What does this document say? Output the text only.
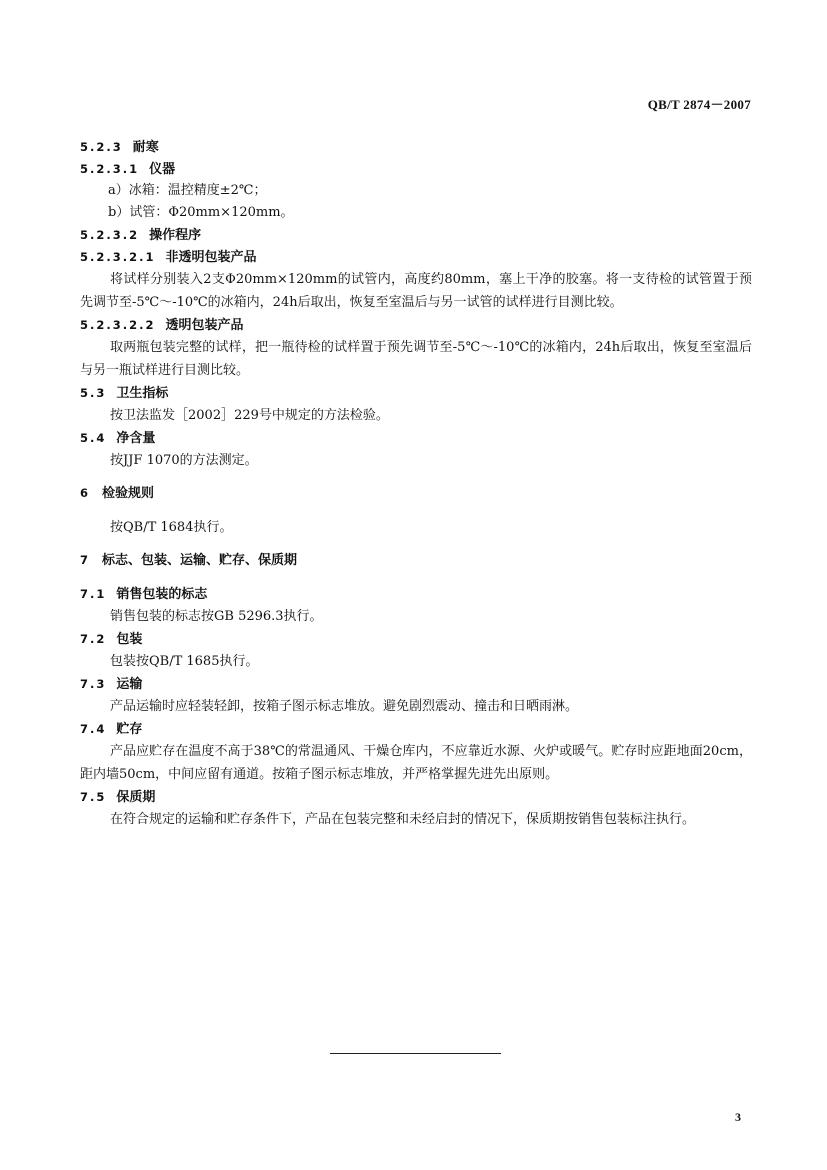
QB/T 2874－2007
5.2.3 耐寒
5.2.3.1 仪器
a）冰箱：温控精度±2℃；
b）试管：Φ20mm×120mm。
5.2.3.2 操作程序
5.2.3.2.1 非透明包装产品

将试样分别装入2支Φ20mm×120mm的试管内，高度约80mm，塞上干净的胶塞。将一支待检的试管置于预先调节至-5℃～-10℃的冰箱内，24h后取出，恢复至室温后与另一试管的试样进行目测比较。

5.2.3.2.2 透明包装产品

取两瓶包装完整的试样，把一瓶待检的试样置于预先调节至-5℃～-10℃的冰箱内，24h后取出，恢复至室温后与另一瓶试样进行目测比较。

5.3 卫生指标

按卫法监发［2002］229号中规定的方法检验。

5.4 净含量

按JJF 1070的方法测定。

6 检验规则

按QB/T 1684执行。

7 标志、包装、运输、贮存、保质期
7.1 销售包装的标志

销售包装的标志按GB 5296.3执行。

7.2 包装

包装按QB/T 1685执行。

7.3 运输

产品运输时应轻装轻卸，按箱子图示标志堆放。避免剧烈震动、撞击和日晒雨淋。

7.4 贮存

产品应贮存在温度不高于38℃的常温通风、干燥仓库内，不应靠近水源、火炉或暖气。贮存时应距地面20cm，距内墙50cm，中间应留有通道。按箱子图示标志堆放，并严格掌握先进先出原则。

7.5 保质期

在符合规定的运输和贮存条件下，产品在包装完整和未经启封的情况下，保质期按销售包装标注执行。

3
